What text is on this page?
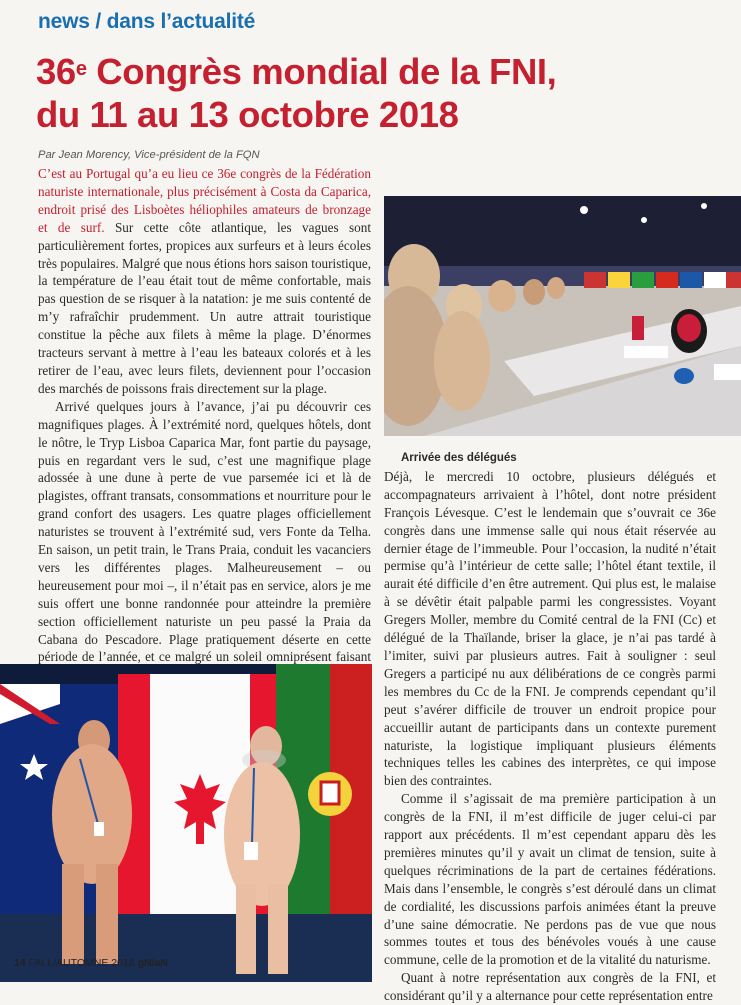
news / dans l’actualité
36e Congrès mondial de la FNI,
du 11 au 13 octobre 2018
Par Jean Morency, Vice-président de la FQN

C’est au Portugal qu’a eu lieu ce 36e congrès de la Fédération naturiste internationale, plus précisément à Costa da Caparica, endroit prisé des Lisboètes héliophiles amateurs de bronzage et de surf. Sur cette côte atlantique, les vagues sont particulièrement fortes, propices aux surfeurs et à leurs écoles très populaires. Malgré que nous étions hors saison touristique, la température de l’eau était tout de même confortable, mais pas question de se risquer à la natation: je me suis contenté de m’y rafraîchir prudemment. Un autre attrait touristique constitue la pêche aux filets à même la plage. D’énormes tracteurs servant à mettre à l’eau les bateaux colorés et à les retirer de l’eau, avec leurs filets, deviennent pour l’occasion des marchés de poissons frais directement sur la plage.

Arrivé quelques jours à l’avance, j’ai pu découvrir ces magnifiques plages. À l’extrémité nord, quelques hôtels, dont le nôtre, le Tryp Lisboa Caparica Mar, font partie du paysage, puis en regardant vers le sud, c’est une magnifique plage adossée à une dune à perte de vue parsemée ici et là de plagistes, offrant transats, consommations et nourriture pour le grand confort des usagers. Les quatre plages officiellement naturistes se trouvent à l’extrémité sud, vers Fonte da Telha. En saison, un petit train, le Trans Praia, conduit les vacanciers vers les différentes plages. Malheureusement – ou heureusement pour moi –, il n’était pas en service, alors je me suis offert une bonne randonnée pour atteindre la première section officiellement naturiste un peu passé la Praia da Cabana do Pescadore. Plage pratiquement déserte en cette période de l’année, et ce malgré un soleil omniprésent faisant

Arrivée des délégués

Déjà, le mercredi 10 octobre, plusieurs délégués et accompagnateurs arrivaient à l’hôtel, dont notre président François Lévesque. C’est le lendemain que s’ouvrait ce 36e congrès dans une immense salle qui nous était réservée au dernier étage de l’immeuble. Pour l’occasion, la nudité n’était permise qu’à l’intérieur de cette salle; l’hôtel étant textile, il aurait été difficile d’en être autrement. Qui plus est, le malaise à se dévêtir était palpable parmi les congressistes. Voyant Gregers Moller, membre du Comité central de la FNI (Cc) et délégué de la Thaïlande, briser la glace, je n’ai pas tardé à l’imiter, suivi par plusieurs autres. Fait à souligner : seul Gregers a participé nu aux délibérations de ce congrès parmi les membres du Cc de la FNI. Je comprends cependant qu’il peut s’avérer difficile de trouver un endroit propice pour accueillir autant de participants dans un contexte purement naturiste, la logistique impliquant plusieurs éléments techniques telles les cabines des interprètes, ce qui impose bien des contraintes.

Comme il s’agissait de ma première participation à un congrès de la FNI, il m’est difficile de juger celui-ci par rapport aux précédents. Il m’est cependant apparu dès les premières minutes qu’il y avait un climat de tension, suite à quelques récriminations de la part de certaines fédérations. Mais dans l’ensemble, le congrès s’est déroulé dans un climat de cordialité, les discussions parfois animées étant la preuve d’une saine démocratie. Ne perdons pas de vue que nous sommes toutes et tous des bénévoles voués à une cause commune, celle de la promotion et de la vitalité du naturisme.

Quant à notre représentation aux congrès de la FNI, et considérant qu’il y a alternance pour cette représentation entre

14 FALL/AUTOMNE 2018 gN/aN
